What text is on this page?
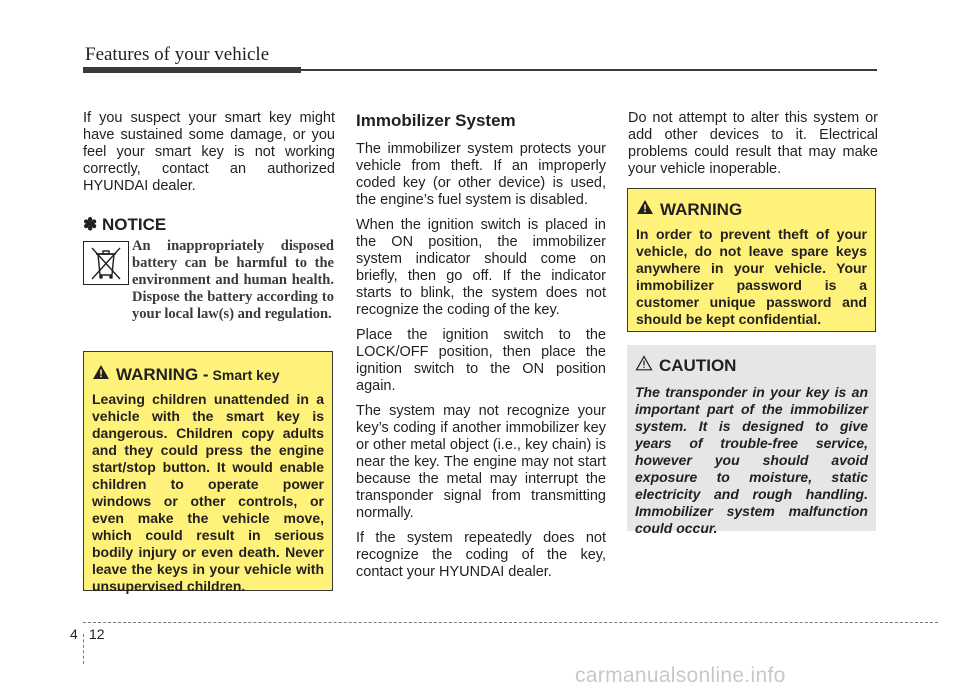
Features of your vehicle

If you suspect your smart key might have sustained some damage, or you feel your smart key is not working correctly, contact an authorized HYUNDAI dealer.

✽ NOTICE
An inappropriately disposed battery can be harmful to the environment and human health. Dispose the battery according to your local law(s) and regulation.
WARNING - Smart key
Leaving children unattended in a vehicle with the smart key is dangerous. Children copy adults and they could press the engine start/stop button. It would enable children to operate power windows or other controls, or even make the vehicle move, which could result in serious bodily injury or even death. Never leave the keys in your vehicle with unsupervised children.
Immobilizer System

The immobilizer system protects your vehicle from theft. If an improperly coded key (or other device) is used, the engine’s fuel system is disabled.

When the ignition switch is placed in the ON position, the immobilizer system indicator should come on briefly, then go off. If the indicator starts to blink, the system does not recognize the coding of the key.

Place the ignition switch to the LOCK/OFF position, then place the ignition switch to the ON position again.

The system may not recognize your key’s coding if another immobilizer key or other metal object (i.e., key chain) is near the key. The engine may not start because the metal may interrupt the transponder signal from transmitting normally.

If the system repeatedly does not recognize the coding of the key, contact your HYUNDAI dealer.

Do not attempt to alter this system or add other devices to it. Electrical problems could result that may make your vehicle inoperable.

WARNING
In order to prevent theft of your vehicle, do not leave spare keys anywhere in your vehicle. Your immobilizer password is a customer unique password and should be kept confidential.
CAUTION
The transponder in your key is an important part of the immobilizer system. It is designed to give years of trouble-free service, however you should avoid exposure to moisture, static electricity and rough handling. Immobilizer system malfunction could occur.
4 12
carmanualsonline.info
